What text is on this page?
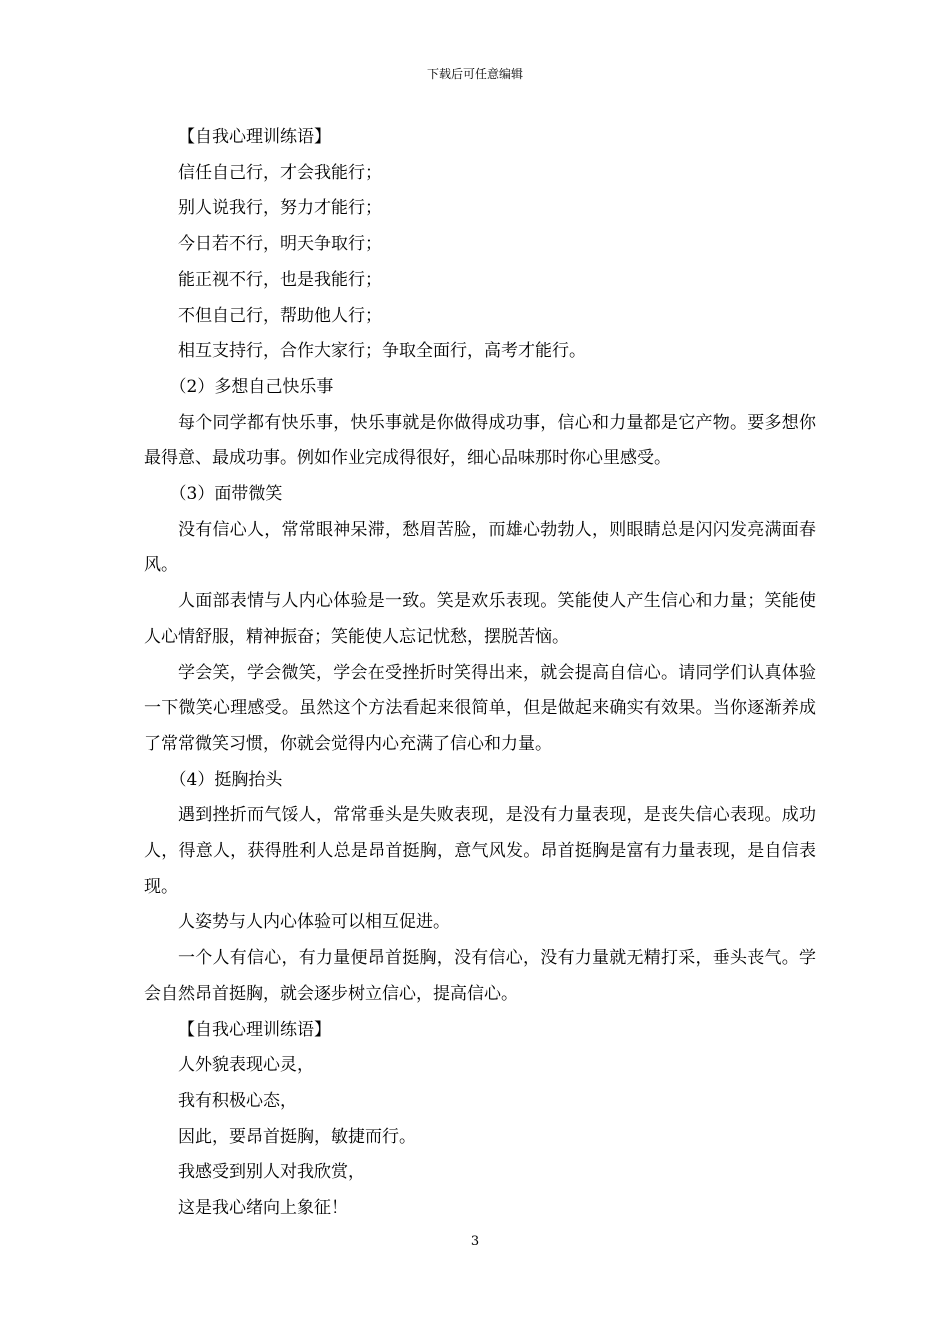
下载后可任意编辑

【自我心理训练语】

信任自己行，才会我能行；

别人说我行，努力才能行；

今日若不行，明天争取行；

能正视不行，也是我能行；

不但自己行，帮助他人行；

相互支持行，合作大家行；争取全面行，高考才能行。

（2）多想自己快乐事

每个同学都有快乐事，快乐事就是你做得成功事，信心和力量都是它产物。要多想你最得意、最成功事。例如作业完成得很好，细心品味那时你心里感受。

（3）面带微笑

没有信心人，常常眼神呆滞，愁眉苦脸，而雄心勃勃人，则眼睛总是闪闪发亮满面春风。

人面部表情与人内心体验是一致。笑是欢乐表现。笑能使人产生信心和力量；笑能使人心情舒服，精神振奋；笑能使人忘记忧愁，摆脱苦恼。

学会笑，学会微笑，学会在受挫折时笑得出来，就会提高自信心。请同学们认真体验一下微笑心理感受。虽然这个方法看起来很简单，但是做起来确实有效果。当你逐渐养成了常常微笑习惯，你就会觉得内心充满了信心和力量。

（4）挺胸抬头

遇到挫折而气馁人，常常垂头是失败表现，是没有力量表现，是丧失信心表现。成功人，得意人，获得胜利人总是昂首挺胸，意气风发。昂首挺胸是富有力量表现，是自信表现。

人姿势与人内心体验可以相互促进。

一个人有信心，有力量便昂首挺胸，没有信心，没有力量就无精打采，垂头丧气。学会自然昂首挺胸，就会逐步树立信心，提高信心。

【自我心理训练语】

人外貌表现心灵，

我有积极心态，

因此，要昂首挺胸，敏捷而行。

我感受到别人对我欣赏，

这是我心绪向上象征！

3
